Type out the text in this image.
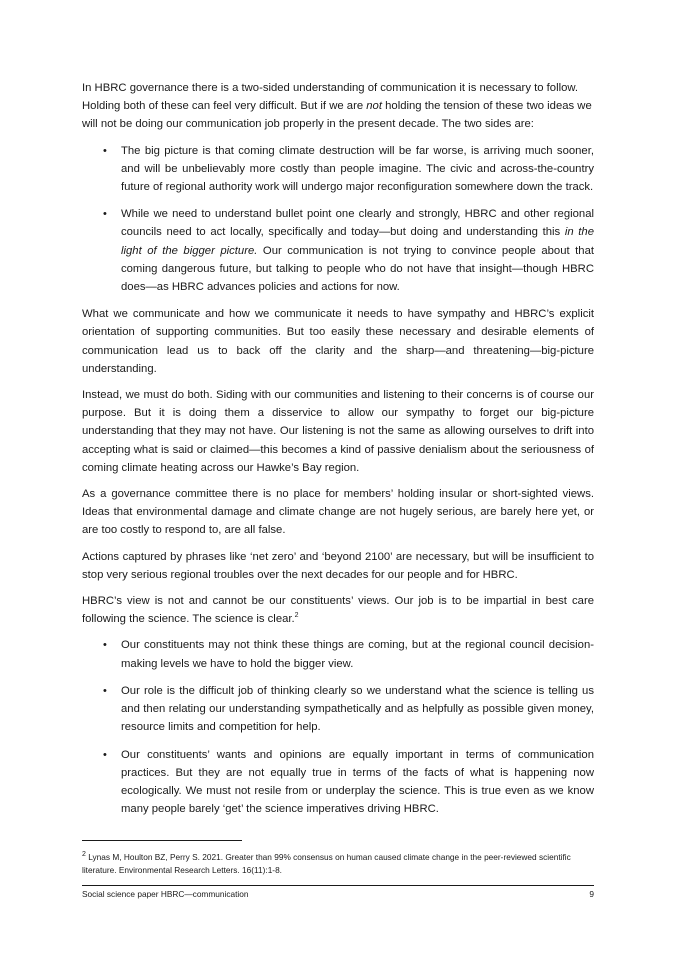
In HBRC governance there is a two-sided understanding of communication it is necessary to follow. Holding both of these can feel very difficult. But if we are not holding the tension of these two ideas we will not be doing our communication job properly in the present decade. The two sides are:

• The big picture is that coming climate destruction will be far worse, is arriving much sooner, and will be unbelievably more costly than people imagine. The civic and across-the-country future of regional authority work will undergo major reconfiguration somewhere down the track.
• While we need to understand bullet point one clearly and strongly, HBRC and other regional councils need to act locally, specifically and today—but doing and understanding this in the light of the bigger picture. Our communication is not trying to convince people about that coming dangerous future, but talking to people who do not have that insight—though HBRC does—as HBRC advances policies and actions for now.

What we communicate and how we communicate it needs to have sympathy and HBRC’s explicit orientation of supporting communities. But too easily these necessary and desirable elements of communication lead us to back off the clarity and the sharp—and threatening—big-picture understanding.

Instead, we must do both. Siding with our communities and listening to their concerns is of course our purpose. But it is doing them a disservice to allow our sympathy to forget our big-picture understanding that they may not have. Our listening is not the same as allowing ourselves to drift into accepting what is said or claimed—this becomes a kind of passive denialism about the seriousness of coming climate heating across our Hawke’s Bay region.

As a governance committee there is no place for members’ holding insular or short-sighted views. Ideas that environmental damage and climate change are not hugely serious, are barely here yet, or are too costly to respond to, are all false.

Actions captured by phrases like ‘net zero’ and ‘beyond 2100’ are necessary, but will be insufficient to stop very serious regional troubles over the next decades for our people and for HBRC.

HBRC’s view is not and cannot be our constituents’ views. Our job is to be impartial in best care following the science. The science is clear.$^2$

• Our constituents may not think these things are coming, but at the regional council decision-making levels we have to hold the bigger view.
• Our role is the difficult job of thinking clearly so we understand what the science is telling us and then relating our understanding sympathetically and as helpfully as possible given money, resource limits and competition for help.
• Our constituents’ wants and opinions are equally important in terms of communication practices. But they are not equally true in terms of the facts of what is happening now ecologically. We must not resile from or underplay the science. This is true even as we know many people barely ‘get’ the science imperatives driving HBRC.
$^2$ Lynas M, Houlton BZ, Perry S. 2021. Greater than 99% consensus on human caused climate change in the peer-reviewed scientific literature. Environmental Research Letters. 16(11):1-8.
Social science paper HBRC—communication	9
